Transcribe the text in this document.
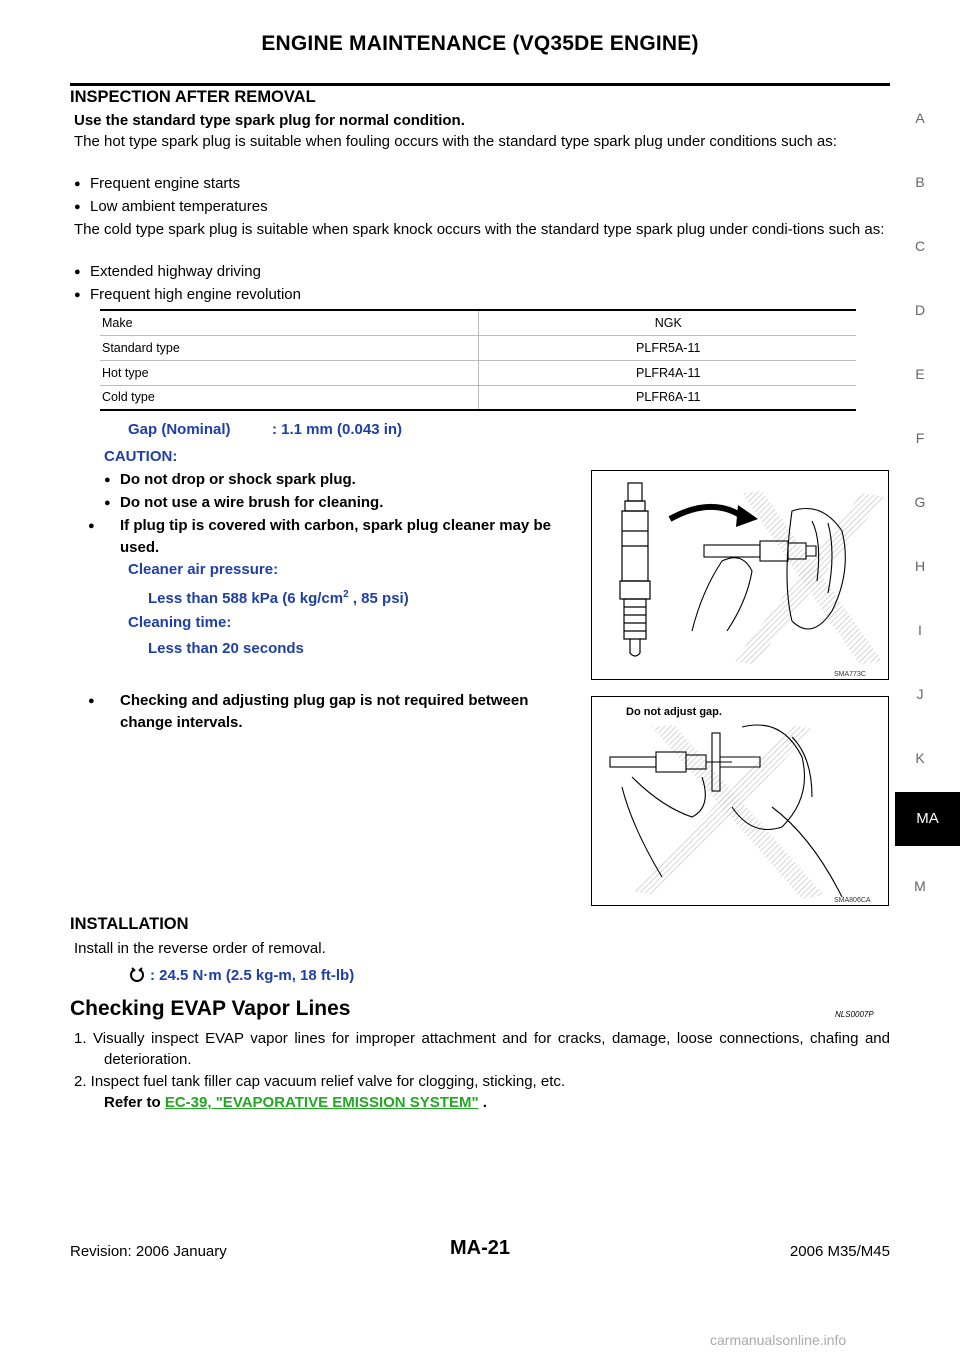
ENGINE MAINTENANCE (VQ35DE ENGINE)
A
B
C
D
E
F
G
H
I
J
K
MA
M
INSPECTION AFTER REMOVAL
Use the standard type spark plug for normal condition.
The hot type spark plug is suitable when fouling occurs with the standard type spark plug under conditions such as:
● Frequent engine starts
● Low ambient temperatures
The cold type spark plug is suitable when spark knock occurs with the standard type spark plug under condi-tions such as:
● Extended highway driving
● Frequent high engine revolution
Make	NGK
Standard type	PLFR5A-11
Hot type	PLFR4A-11
Cold type	PLFR6A-11
Gap (Nominal)	: 1.1 mm (0.043 in)
CAUTION:
● Do not drop or shock spark plug.
● Do not use a wire brush for cleaning.
● If plug tip is covered with carbon, spark plug cleaner may be used.
Cleaner air pressure:
Less than 588 kPa (6 $kg/cm^2$ , 85 psi)
Cleaning time:
Less than 20 seconds
● Checking and adjusting plug gap is not required between change intervals.
SMA773C
Do not adjust gap.
SMA806CA
INSTALLATION
Install in the reverse order of removal.
: 24.5 N·m (2.5 kg-m, 18 ft-lb)
Checking EVAP Vapor Lines	NLS0007P
1. Visually inspect EVAP vapor lines for improper attachment and for cracks, damage, loose connections, chafing and deterioration.
2. Inspect fuel tank filler cap vacuum relief valve for clogging, sticking, etc.
Refer to EC-39, "EVAPORATIVE EMISSION SYSTEM" .
Revision: 2006 January	MA-21	2006 M35/M45
carmanualsonline.info
